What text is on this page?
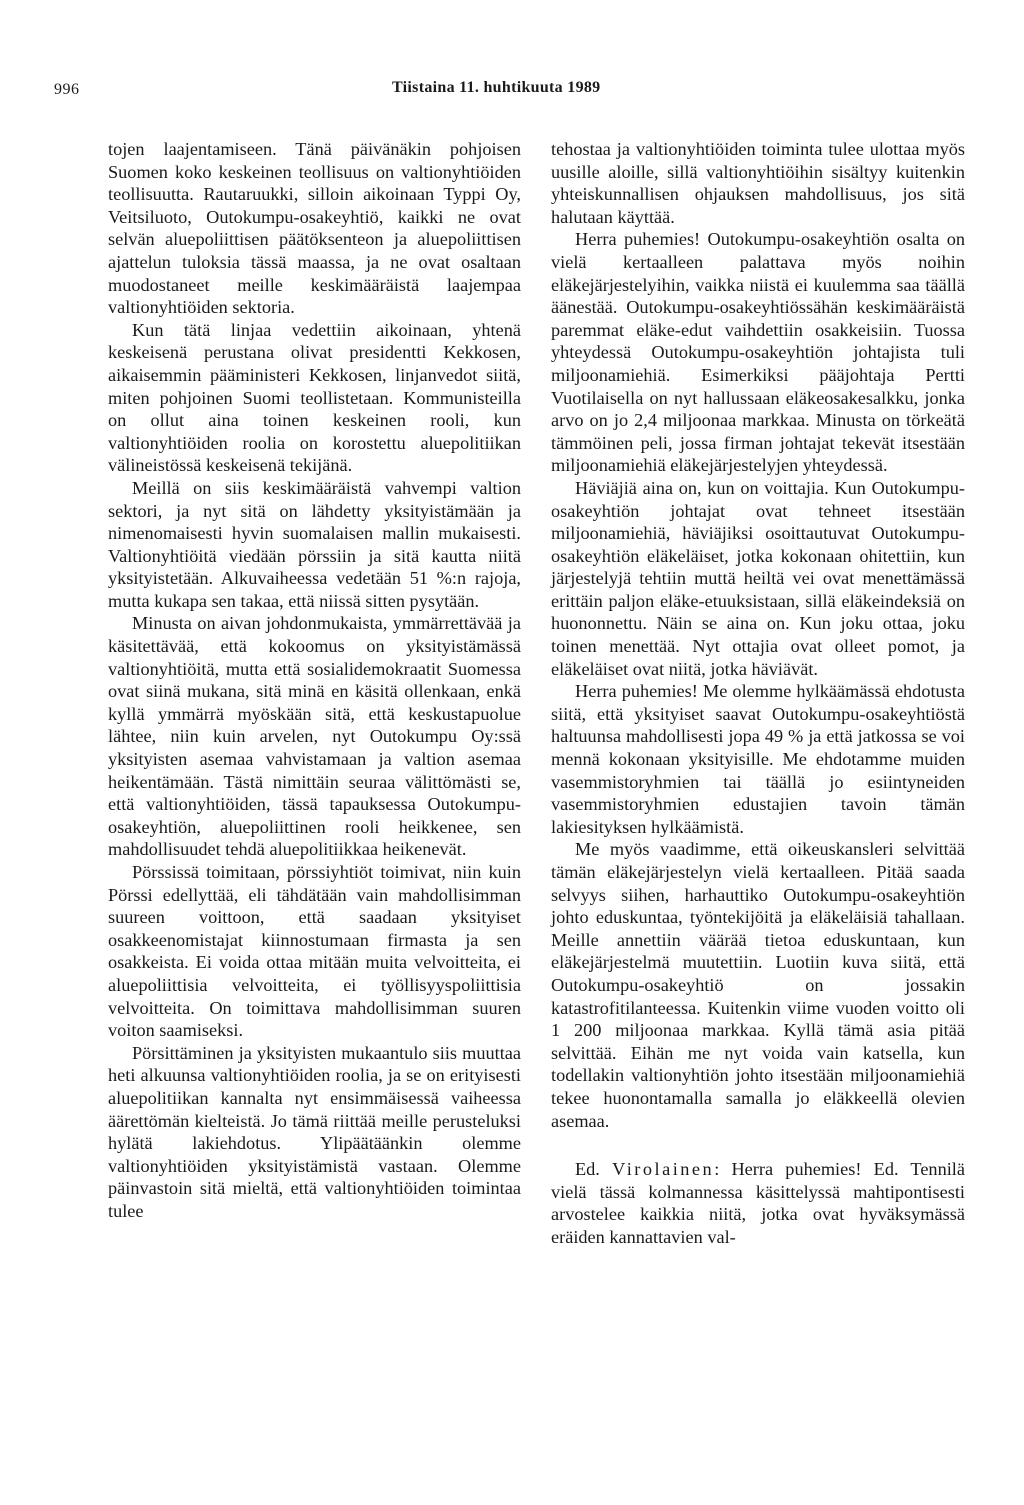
996	Tiistaina 11. huhtikuuta 1989

tojen laajentamiseen. Tänä päivänäkin pohjoisen Suomen koko keskeinen teollisuus on valtionyhtiöiden teollisuutta. Rautaruukki, silloin aikoinaan Typpi Oy, Veitsiluoto, Outokumpu-osakeyhtiö, kaikki ne ovat selvän aluepoliittisen päätöksenteon ja aluepoliittisen ajattelun tuloksia tässä maassa, ja ne ovat osaltaan muodostaneet meille keskimääräistä laajempaa valtionyhtiöiden sektoria.

Kun tätä linjaa vedettiin aikoinaan, yhtenä keskeisenä perustana olivat presidentti Kekkosen, aikaisemmin pääministeri Kekkosen, linjanvedot siitä, miten pohjoinen Suomi teollistetaan. Kommunisteilla on ollut aina toinen keskeinen rooli, kun valtionyhtiöiden roolia on korostettu aluepolitiikan välineistössä keskeisenä tekijänä.

Meillä on siis keskimääräistä vahvempi valtion sektori, ja nyt sitä on lähdetty yksityistämään ja nimenomaisesti hyvin suomalaisen mallin mukaisesti. Valtionyhtiöitä viedään pörssiin ja sitä kautta niitä yksityistetään. Alkuvaiheessa vedetään 51 %:n rajoja, mutta kukapa sen takaa, että niissä sitten pysytään.

Minusta on aivan johdonmukaista, ymmärrettävää ja käsitettävää, että kokoomus on yksityistämässä valtionyhtiöitä, mutta että sosialidemokraatit Suomessa ovat siinä mukana, sitä minä en käsitä ollenkaan, enkä kyllä ymmärrä myöskään sitä, että keskustapuolue lähtee, niin kuin arvelen, nyt Outokumpu Oy:ssä yksityisten asemaa vahvistamaan ja valtion asemaa heikentämään. Tästä nimittäin seuraa välittömästi se, että valtionyhtiöiden, tässä tapauksessa Outokumpu-osakeyhtiön, aluepoliittinen rooli heikkenee, sen mahdollisuudet tehdä aluepolitiikkaa heikenevät.

Pörssissä toimitaan, pörssiyhtiöt toimivat, niin kuin Pörssi edellyttää, eli tähdätään vain mahdollisimman suureen voittoon, että saadaan yksityiset osakkeenomistajat kiinnostumaan firmasta ja sen osakkeista. Ei voida ottaa mitään muita velvoitteita, ei aluepoliittisia velvoitteita, ei työllisyyspoliittisia velvoitteita. On toimittava mahdollisimman suuren voiton saamiseksi.

Pörsittäminen ja yksityisten mukaantulo siis muuttaa heti alkuunsa valtionyhtiöiden roolia, ja se on erityisesti aluepolitiikan kannalta nyt ensimmäisessä vaiheessa äärettömän kielteistä. Jo tämä riittää meille perusteluksi hylätä lakiehdotus. Ylipäätäänkin olemme valtionyhtiöiden yksityistämistä vastaan. Olemme päinvastoin sitä mieltä, että valtionyhtiöiden toimintaa tulee

tehostaa ja valtionyhtiöiden toiminta tulee ulottaa myös uusille aloille, sillä valtionyhtiöihin sisältyy kuitenkin yhteiskunnallisen ohjauksen mahdollisuus, jos sitä halutaan käyttää.

Herra puhemies! Outokumpu-osakeyhtiön osalta on vielä kertaalleen palattava myös noihin eläkejärjestelyihin, vaikka niistä ei kuulemma saa täällä äänestää. Outokumpu-osakeyhtiössähän keskimääräistä paremmat eläke-edut vaihdettiin osakkeisiin. Tuossa yhteydessä Outokumpu-osakeyhtiön johtajista tuli miljoonamiehiä. Esimerkiksi pääjohtaja Pertti Vuotilaisella on nyt hallussaan eläkeosakesalkku, jonka arvo on jo 2,4 miljoonaa markkaa. Minusta on törkeätä tämmöinen peli, jossa firman johtajat tekevät itsestään miljoonamiehiä eläkejärjestelyjen yhteydessä.

Häviäjiä aina on, kun on voittajia. Kun Outokumpu-osakeyhtiön johtajat ovat tehneet itsestään miljoonamiehiä, häviäjiksi osoittautuvat Outokumpu-osakeyhtiön eläkeläiset, jotka kokonaan ohitettiin, kun järjestelyjä tehtiin muttä heiltä vei ovat menettämässä erittäin paljon eläke-etuuksistaan, sillä eläkeindeksiä on huononnettu. Näin se aina on. Kun joku ottaa, joku toinen menettää. Nyt ottajia ovat olleet pomot, ja eläkeläiset ovat niitä, jotka häviävät.

Herra puhemies! Me olemme hylkäämässä ehdotusta siitä, että yksityiset saavat Outokumpu-osakeyhtiöstä haltuunsa mahdollisesti jopa 49 % ja että jatkossa se voi mennä kokonaan yksityisille. Me ehdotamme muiden vasemmistoryhmien tai täällä jo esiintyneiden vasemmistoryhmien edustajien tavoin tämän lakiesityksen hylkäämistä.

Me myös vaadimme, että oikeuskansleri selvittää tämän eläkejärjestelyn vielä kertaalleen. Pitää saada selvyys siihen, harhauttiko Outokumpu-osakeyhtiön johto eduskuntaa, työntekijöitä ja eläkeläisiä tahallaan. Meille annettiin väärää tietoa eduskuntaan, kun eläkejärjestelmä muutettiin. Luotiin kuva siitä, että Outokumpu-osakeyhtiö on jossakin katastrofitilanteessa. Kuitenkin viime vuoden voitto oli 1 200 miljoonaa markkaa. Kyllä tämä asia pitää selvittää. Eihän me nyt voida vain katsella, kun todellakin valtionyhtiön johto itsestään miljoonamiehiä tekee huonontamalla samalla jo eläkkeellä olevien asemaa.

Ed. Virolainen: Herra puhemies! Ed. Tennilä vielä tässä kolmannessa käsittelyssä mahtipontisesti arvostelee kaikkia niitä, jotka ovat hyväksymässä eräiden kannattavien val-
